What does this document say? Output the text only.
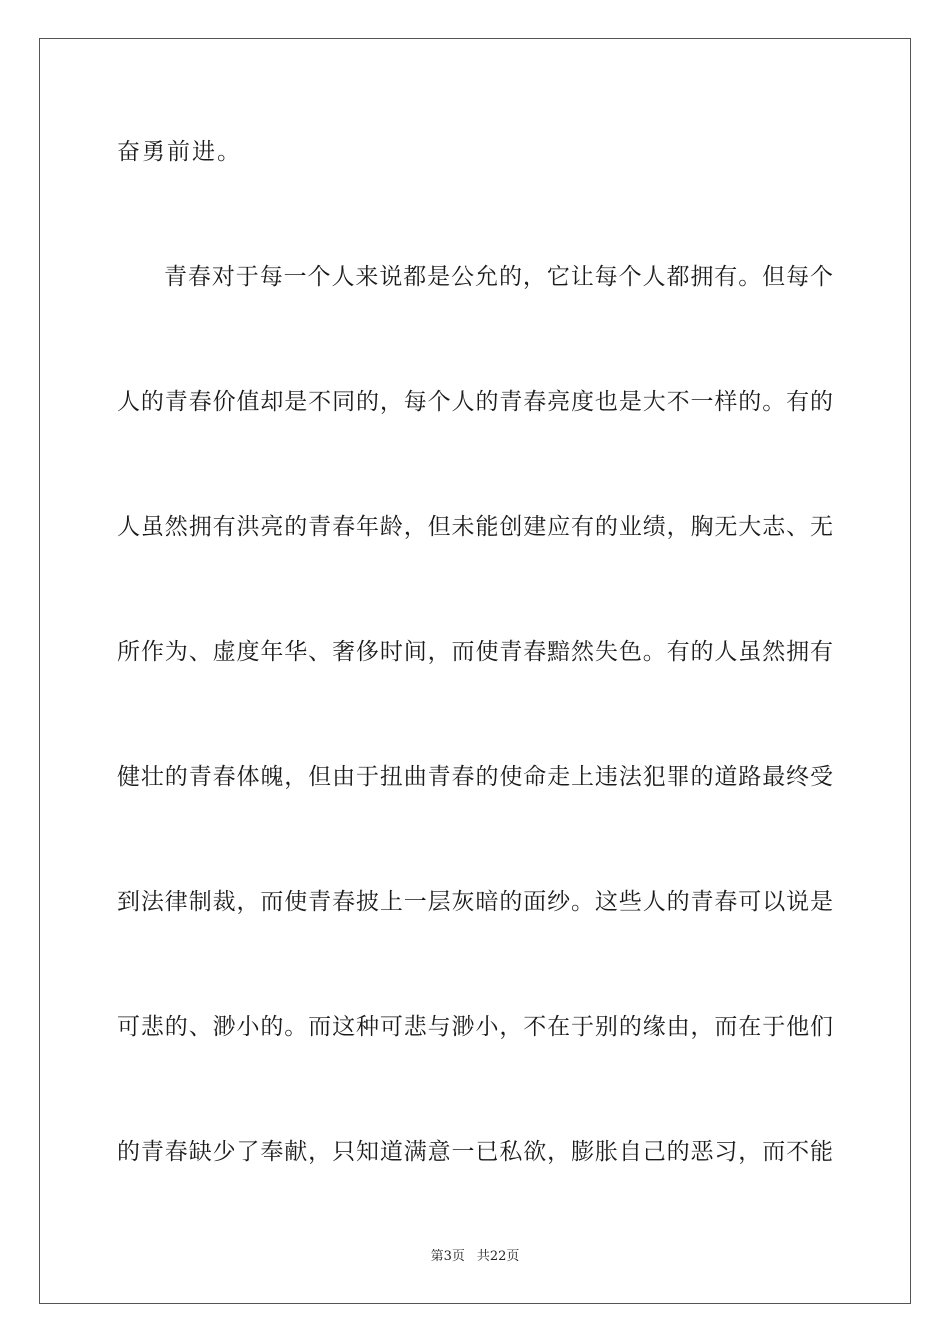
奋勇前进。
青春对于每一个人来说都是公允的，它让每个人都拥有。但每个
人的青春价值却是不同的，每个人的青春亮度也是大不一样的。有的
人虽然拥有洪亮的青春年龄，但未能创建应有的业绩，胸无大志、无
所作为、虚度年华、奢侈时间，而使青春黯然失色。有的人虽然拥有
健壮的青春体魄，但由于扭曲青春的使命走上违法犯罪的道路最终受
到法律制裁，而使青春披上一层灰暗的面纱。这些人的青春可以说是
可悲的、渺小的。而这种可悲与渺小，不在于别的缘由，而在于他们
的青春缺少了奉献，只知道满意一已私欲，膨胀自己的恶习，而不能
第3页 共22页
